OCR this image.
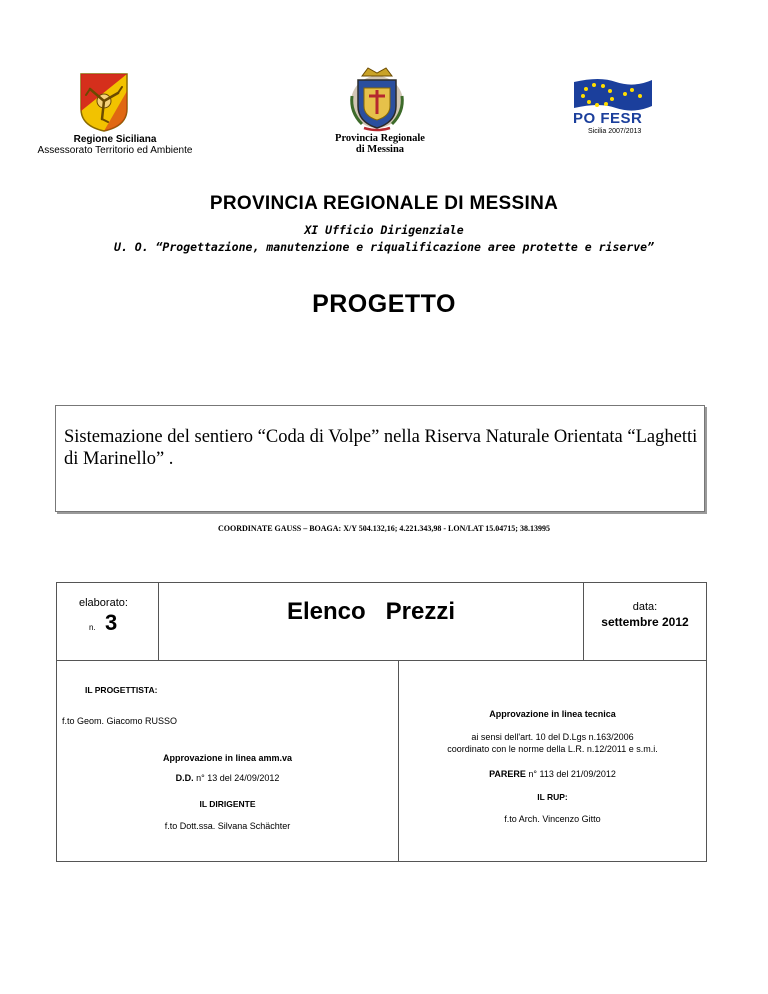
Regione Siciliana
Assessorato Territorio ed Ambiente
Provincia Regionale
di Messina
PO FESR
Sicilia 2007/2013
PROVINCIA REGIONALE DI MESSINA
XI Ufficio Dirigenziale
U. O. “Progettazione, manutenzione e riqualificazione aree protette e riserve”
PROGETTO
Sistemazione del sentiero “Coda di Volpe” nella Riserva Naturale Orientata “Laghetti di Marinello” .
COORDINATE GAUSS – BOAGA: X/Y 504.132,16; 4.221.343,98 - LON/LAT 15.04715; 38.13995
elaborato:
n. 3	Elenco   Prezzi	data:
settembre 2012
IL PROGETTISTA:
f.to Geom. Giacomo RUSSO
Approvazione in linea amm.va
D.D. n° 13 del 24/09/2012
IL DIRIGENTE
f.to Dott.ssa. Silvana Schächter
Approvazione in linea tecnica
ai sensi dell'art. 10 del D.Lgs n.163/2006
coordinato con le norme della L.R. n.12/2011 e s.m.i.
PARERE n° 113 del 21/09/2012
IL RUP:
f.to Arch. Vincenzo Gitto
